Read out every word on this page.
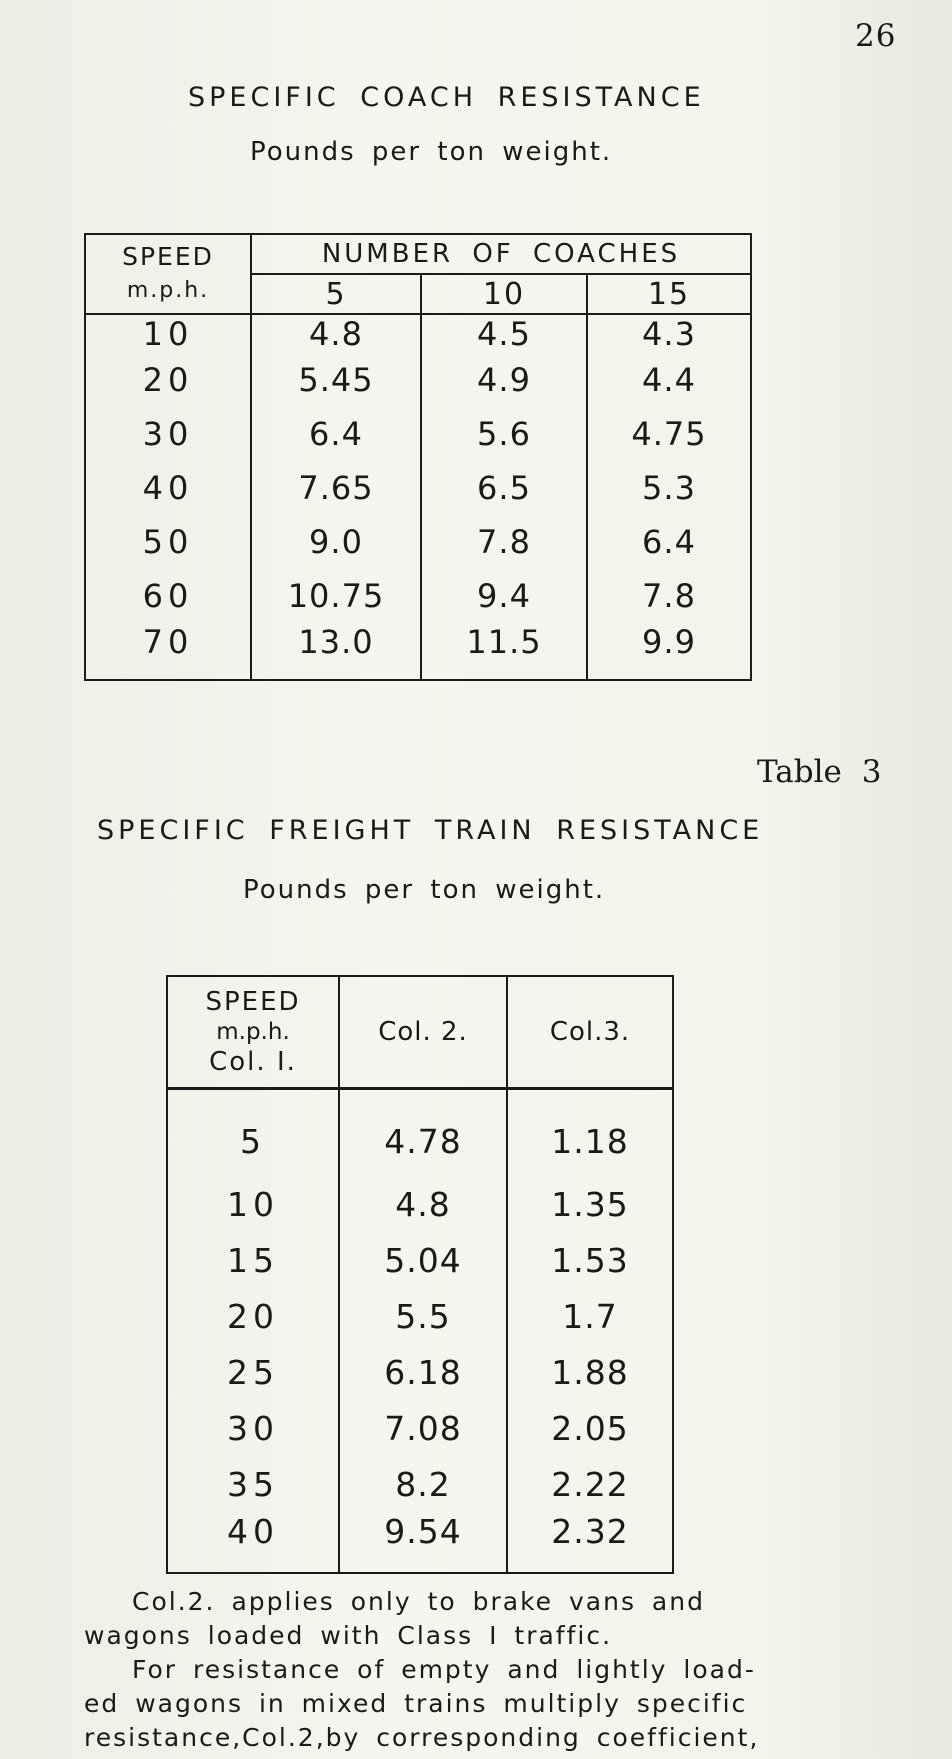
26
SPECIFIC COACH RESISTANCE
Pounds per ton weight.
SPEED
m.p.h.	NUMBER OF COACHES		
	5	10	15
10	4.8	4.5	4.3
20	5.45	4.9	4.4
30	6.4	5.6	4.75
40	7.65	6.5	5.3
50	9.0	7.8	6.4
60	10.75	9.4	7.8
70	13.0	11.5	9.9
Table 3
SPECIFIC FREIGHT TRAIN RESISTANCE
Pounds per ton weight.
SPEED
m.p.h.
Col. I.	Col. 2.	Col.3.
5	4.78	1.18
10	4.8	1.35
15	5.04	1.53
20	5.5	1.7
25	6.18	1.88
30	7.08	2.05
35	8.2	2.22
40	9.54	2.32

Col.2. applies only to brake vans and

wagons loaded with Class I traffic.

For resistance of empty and lightly load-

ed wagons in mixed trains multiply specific

resistance,Col.2,by corresponding coefficient,
